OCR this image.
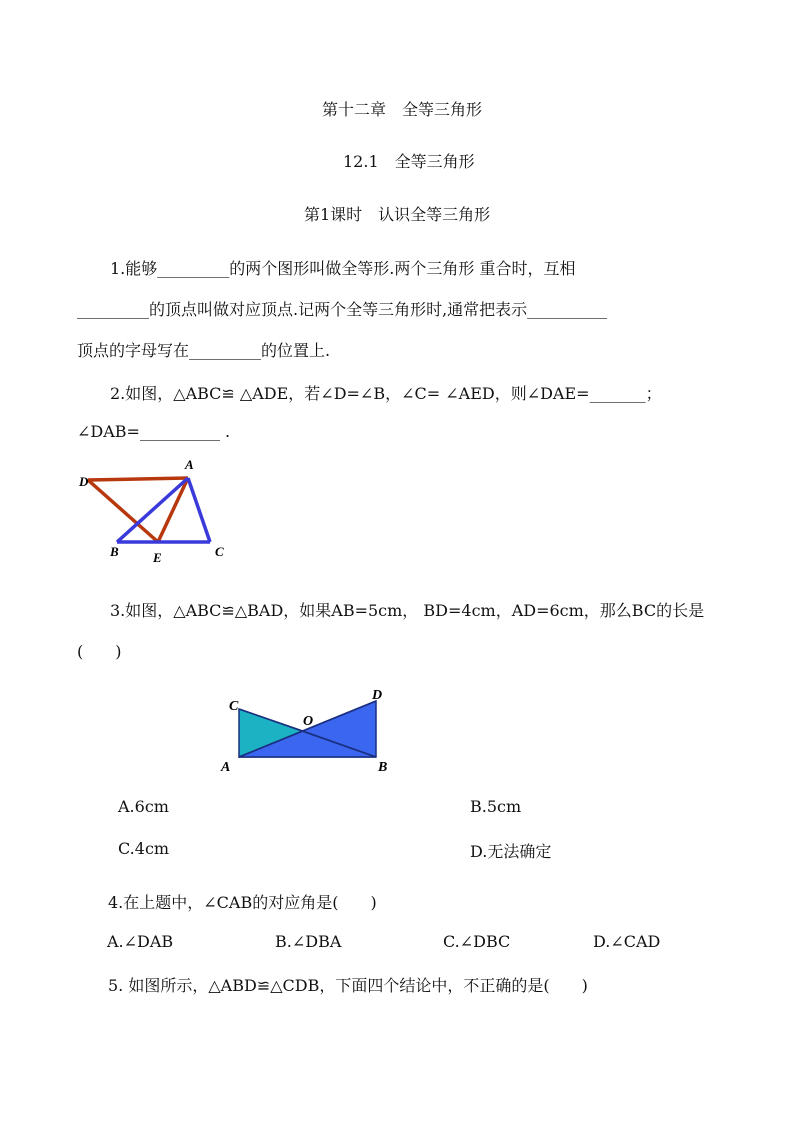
第十二章　全等三角形
12.1　全等三角形
第1课时　认识全等三角形
1.能够_________的两个图形叫做全等形.两个三角形 重合时，互相
_________的顶点叫做对应顶点.记两个全等三角形时,通常把表示__________
顶点的字母写在_________的位置上.
2.如图，△ABC≌ △ADE，若∠D=∠B，∠C= ∠AED，则∠DAE=_______；
∠DAB=__________ .
A
D
B	E	C
3.如图，△ABC≌△BAD，如果AB=5cm， BD=4cm，AD=6cm，那么BC的长是
(　　)
C
D
O
A	B
A.6cm	B.5cm
C.4cm	D.无法确定
4.在上题中，∠CAB的对应角是(　　)
A.∠DAB	B.∠DBA	C.∠DBC	D.∠CAD
5. 如图所示，△ABD≌△CDB，下面四个结论中，不正确的是(　　)
